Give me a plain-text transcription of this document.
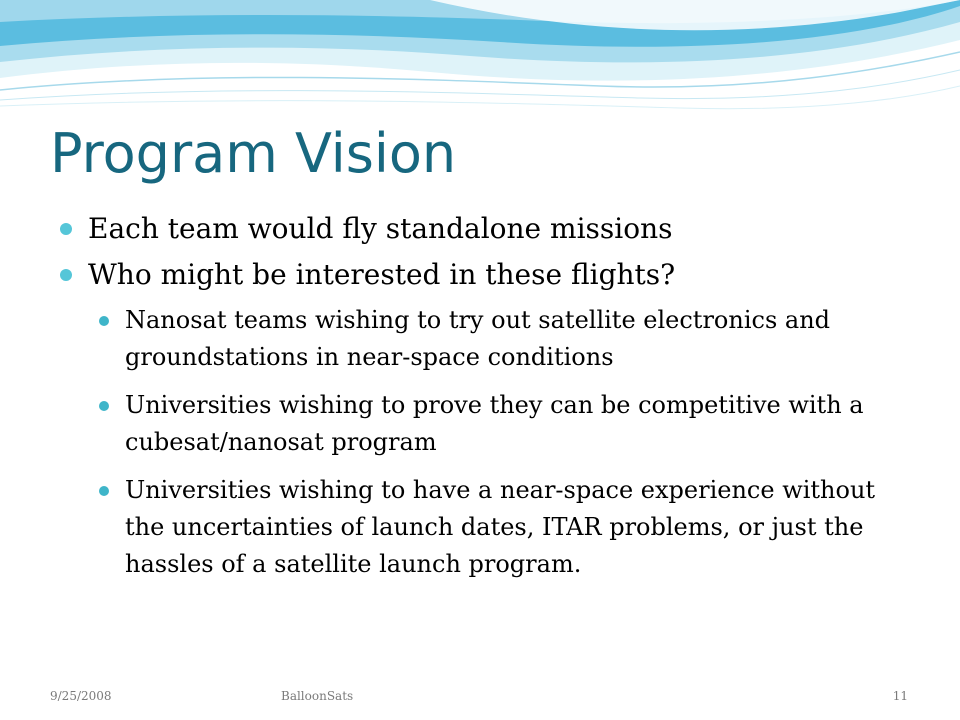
Program Vision
Each team would fly standalone missions
Who might be interested in these flights?
Nanosat teams wishing to try out satellite electronics and groundstations in near-space conditions
Universities wishing to prove they can be competitive with a cubesat/nanosat program
Universities wishing to have a near-space experience without the uncertainties of launch dates, ITAR problems, or just the hassles of a satellite launch program.
9/25/2008	BalloonSats	11
